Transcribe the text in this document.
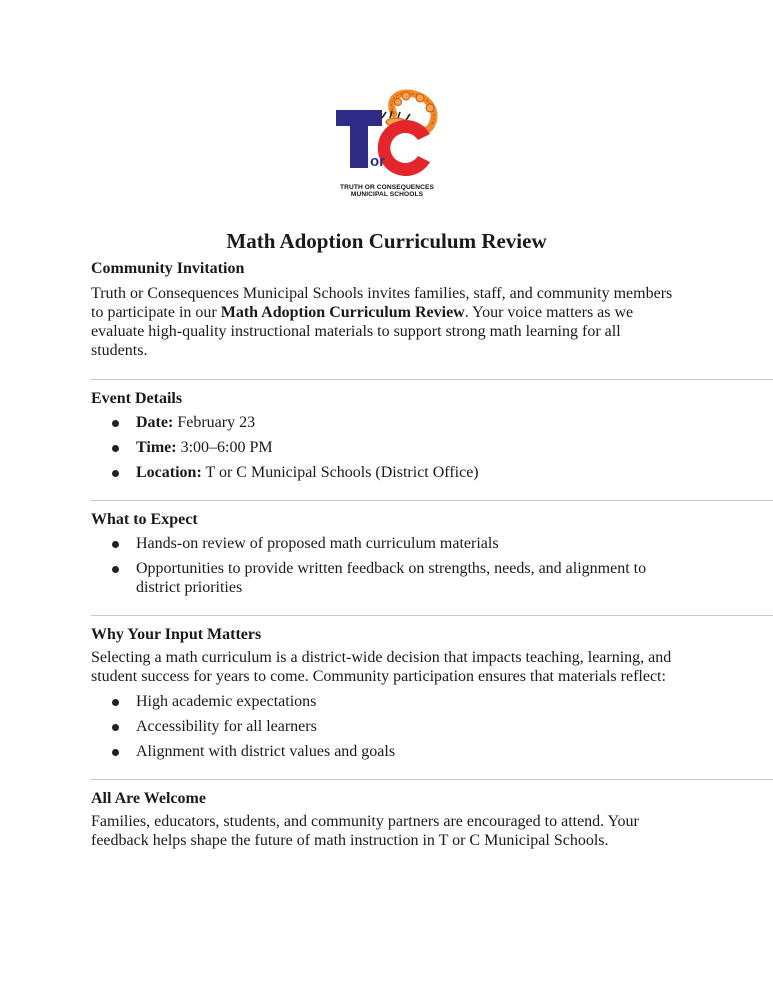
or
TRUTH OR CONSEQUENCES
MUNICIPAL SCHOOLS
Math Adoption Curriculum Review
Community Invitation

Truth or Consequences Municipal Schools invites families, staff, and community members to participate in our Math Adoption Curriculum Review. Your voice matters as we evaluate high-quality instructional materials to support strong math learning for all students.

Event Details
Date: February 23
Time: 3:00–6:00 PM
Location: T or C Municipal Schools (District Office)
What to Expect
Hands-on review of proposed math curriculum materials
Opportunities to provide written feedback on strengths, needs, and alignment to district priorities
Why Your Input Matters

Selecting a math curriculum is a district-wide decision that impacts teaching, learning, and student success for years to come. Community participation ensures that materials reflect:

High academic expectations
Accessibility for all learners
Alignment with district values and goals
All Are Welcome

Families, educators, students, and community partners are encouraged to attend. Your feedback helps shape the future of math instruction in T or C Municipal Schools.
